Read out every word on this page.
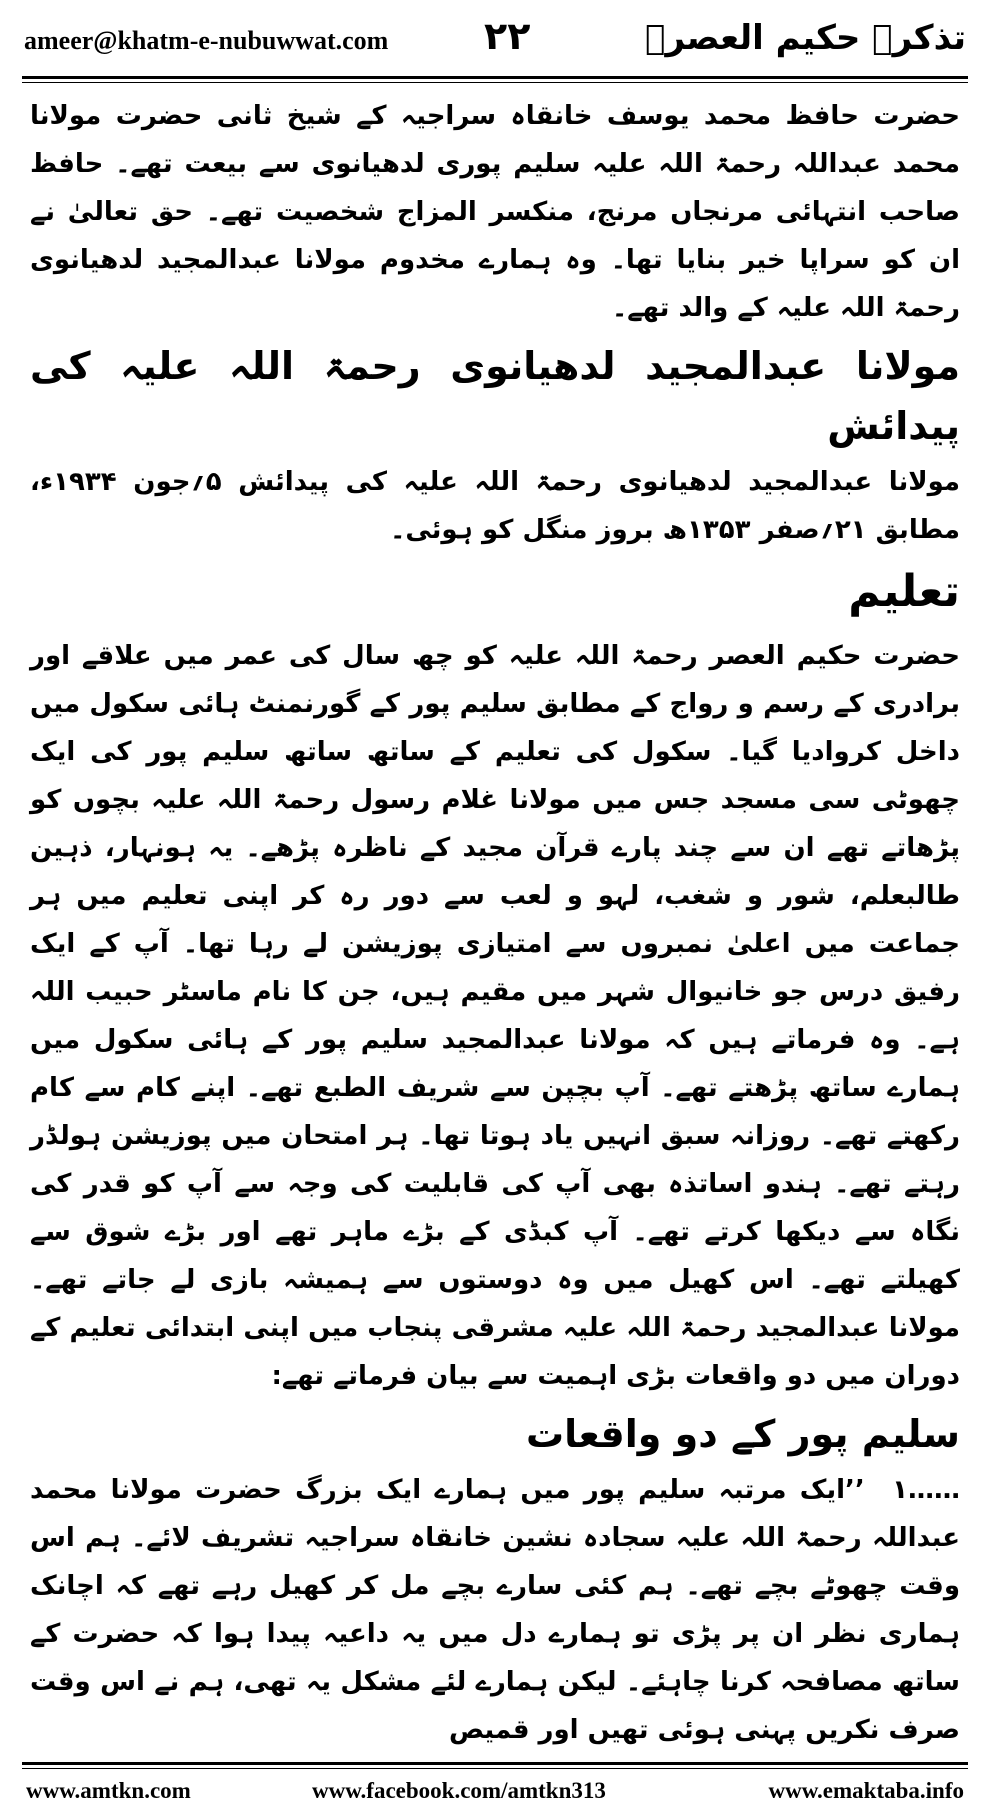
ameer@khatm-e-nubuwwat.com	۲۲	تذکرہ حکیم العصرؒ

حضرت حافظ محمد یوسف خانقاہ سراجیہ کے شیخ ثانی حضرت مولانا محمد عبداللہ رحمۃ اللہ علیہ سلیم پوری لدھیانوی سے بیعت تھے۔ حافظ صاحب انتہائی مرنجاں مرنج، منکسر المزاج شخصیت تھے۔ حق تعالیٰ نے ان کو سراپا خیر بنایا تھا۔ وہ ہمارے مخدوم مولانا عبدالمجید لدھیانوی رحمۃ اللہ علیہ کے والد تھے۔

مولانا عبدالمجید لدھیانوی رحمۃ اللہ علیہ کی پیدائش

مولانا عبدالمجید لدھیانوی رحمۃ اللہ علیہ کی پیدائش ۵؍جون ۱۹۳۴ء، مطابق ۲۱؍صفر ۱۳۵۳ھ بروز منگل کو ہوئی۔

تعلیم

حضرت حکیم العصر رحمۃ اللہ علیہ کو چھ سال کی عمر میں علاقے اور برادری کے رسم و رواج کے مطابق سلیم پور کے گورنمنٹ ہائی سکول میں داخل کروادیا گیا۔ سکول کی تعلیم کے ساتھ ساتھ سلیم پور کی ایک چھوٹی سی مسجد جس میں مولانا غلام رسول رحمۃ اللہ علیہ بچوں کو پڑھاتے تھے ان سے چند پارے قرآن مجید کے ناظرہ پڑھے۔ یہ ہونہار، ذہین طالبعلم، شور و شغب، لہو و لعب سے دور رہ کر اپنی تعلیم میں ہر جماعت میں اعلیٰ نمبروں سے امتیازی پوزیشن لے رہا تھا۔ آپ کے ایک رفیق درس جو خانیوال شہر میں مقیم ہیں، جن کا نام ماسٹر حبیب اللہ ہے۔ وہ فرماتے ہیں کہ مولانا عبدالمجید سلیم پور کے ہائی سکول میں ہمارے ساتھ پڑھتے تھے۔ آپ بچپن سے شریف الطبع تھے۔ اپنے کام سے کام رکھتے تھے۔ روزانہ سبق انہیں یاد ہوتا تھا۔ ہر امتحان میں پوزیشن ہولڈر رہتے تھے۔ ہندو اساتذہ بھی آپ کی قابلیت کی وجہ سے آپ کو قدر کی نگاہ سے دیکھا کرتے تھے۔ آپ کبڈی کے بڑے ماہر تھے اور بڑے شوق سے کھیلتے تھے۔ اس کھیل میں وہ دوستوں سے ہمیشہ بازی لے جاتے تھے۔ مولانا عبدالمجید رحمۃ اللہ علیہ مشرقی پنجاب میں اپنی ابتدائی تعلیم کے دوران میں دو واقعات بڑی اہمیت سے بیان فرماتے تھے:

سلیم پور کے دو واقعات

۱…… ’’ایک مرتبہ سلیم پور میں ہمارے ایک بزرگ حضرت مولانا محمد عبداللہ رحمۃ اللہ علیہ سجادہ نشین خانقاہ سراجیہ تشریف لائے۔ ہم اس وقت چھوٹے بچے تھے۔ ہم کئی سارے بچے مل کر کھیل رہے تھے کہ اچانک ہماری نظر ان پر پڑی تو ہمارے دل میں یہ داعیہ پیدا ہوا کہ حضرت کے ساتھ مصافحہ کرنا چاہئے۔ لیکن ہمارے لئے مشکل یہ تھی، ہم نے اس وقت صرف نکریں پہنی ہوئی تھیں اور قمیص

www.amtkn.com	www.facebook.com/amtkn313	www.emaktaba.info
